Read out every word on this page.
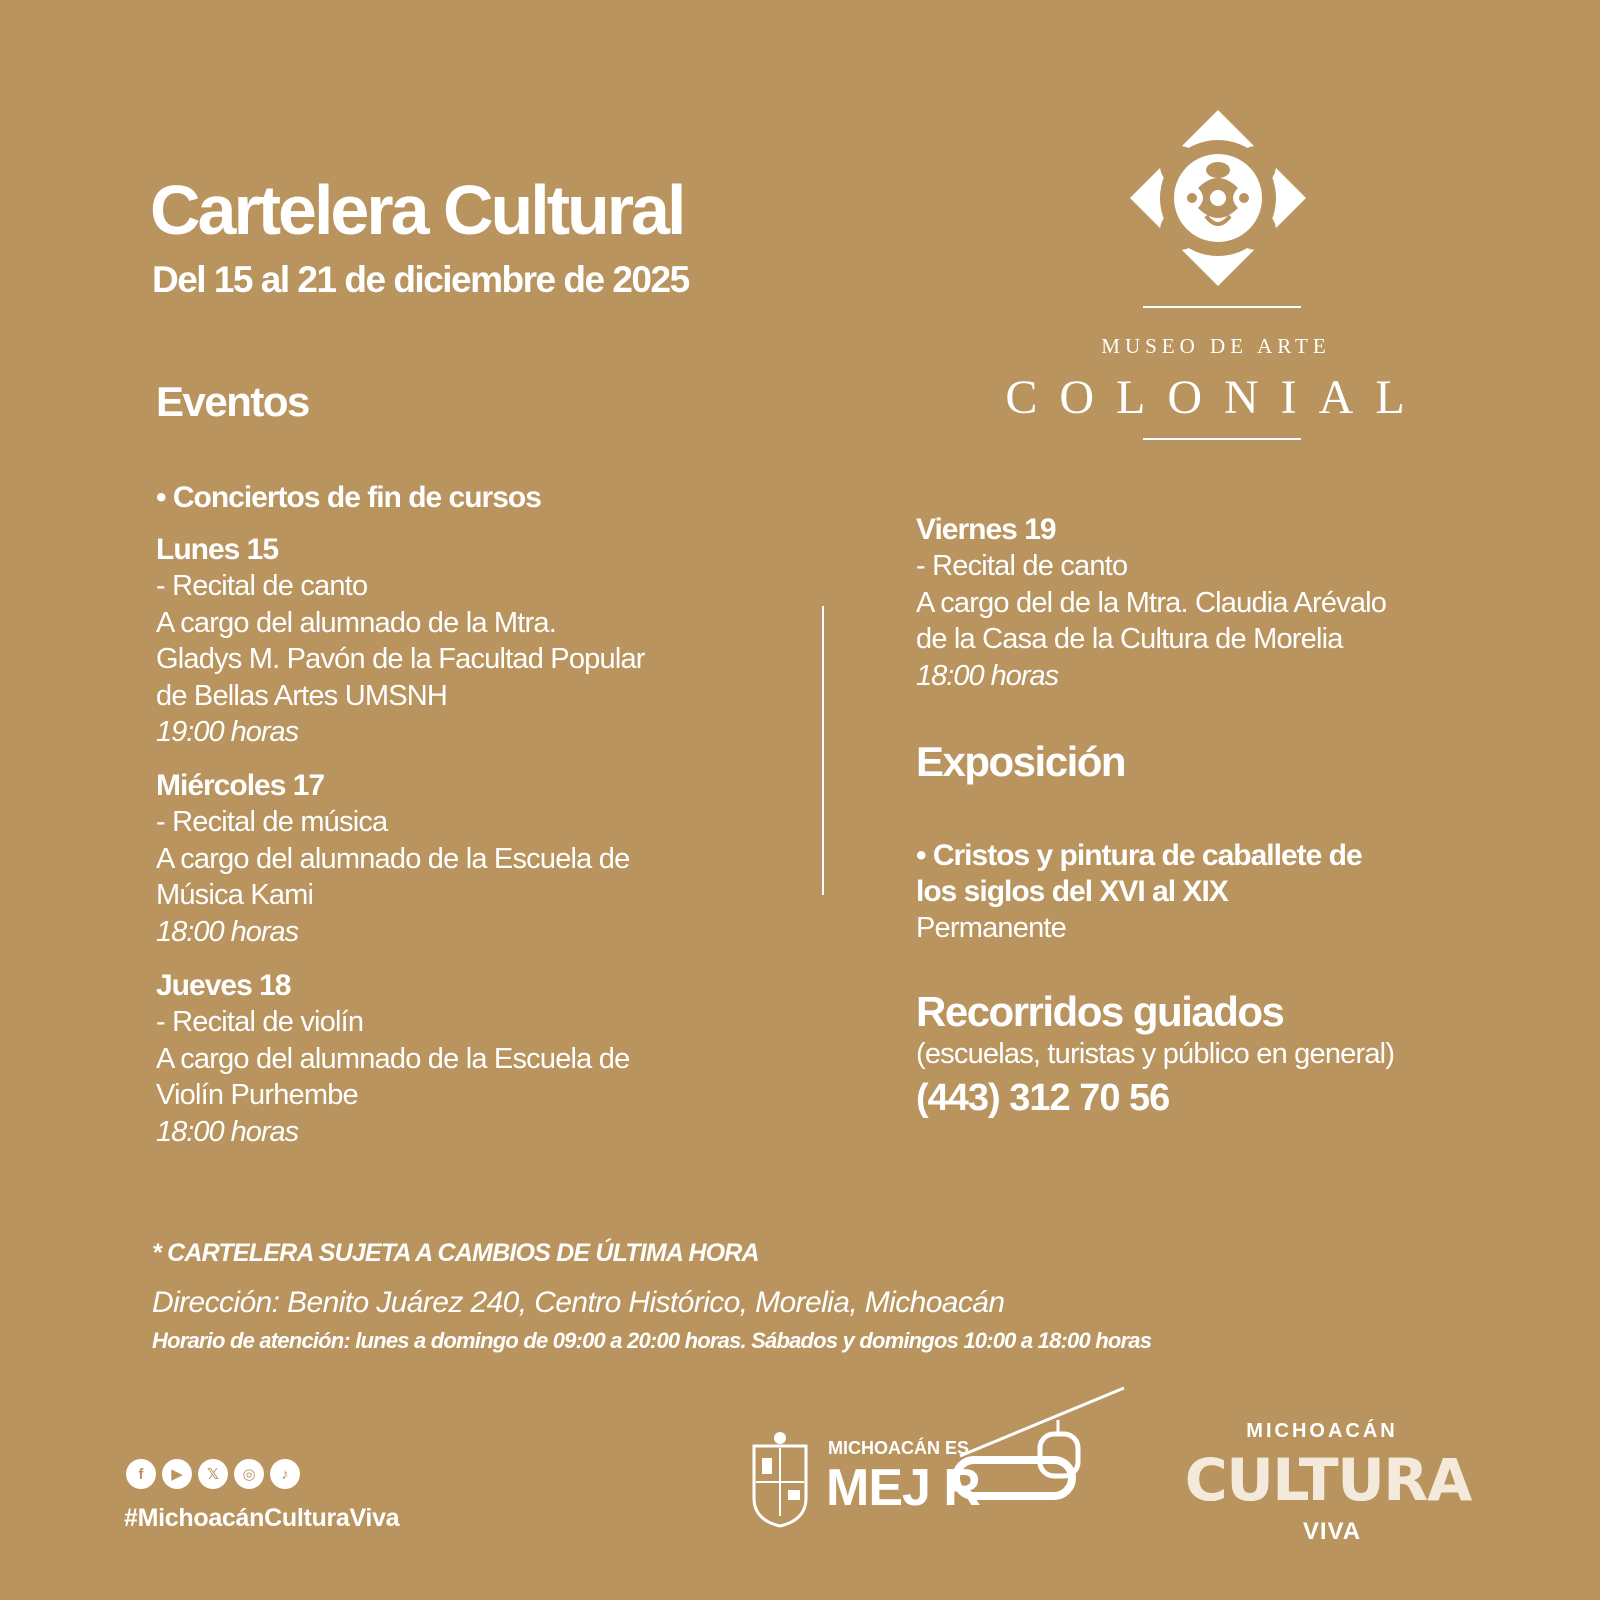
Cartelera Cultural
Del 15 al 21 de diciembre de 2025
MUSEO DE ARTE
COLONIAL
Eventos
• Conciertos de fin de cursos
Lunes 15
- Recital de canto
A cargo del alumnado de la Mtra.
Gladys M. Pavón de la Facultad Popular
de Bellas Artes UMSNH
19:00 horas
Miércoles 17
- Recital de música
A cargo del alumnado de la Escuela de
Música Kami
18:00 horas
Jueves 18
- Recital de violín
A cargo del alumnado de la Escuela de
Violín Purhembe
18:00 horas
Viernes 19
- Recital de canto
A cargo del de la Mtra. Claudia Arévalo
de la Casa de la Cultura de Morelia
18:00 horas
Exposición
• Cristos y pintura de caballete de
los siglos del XVI al XIX
Permanente
Recorridos guiados
(escuelas, turistas y público en general)
(443) 312 70 56
* CARTELERA SUJETA A CAMBIOS DE ÚLTIMA HORA
Dirección: Benito Juárez 240, Centro Histórico, Morelia, Michoacán
Horario de atención: lunes a domingo de 09:00 a 20:00 horas. Sábados y domingos 10:00 a 18:00 horas
f	▶	𝕏	◎	♪
#MichoacánCulturaViva
MICHOACÁN ES
MEJ R
MICHOACÁN
CULTURA
VIVA
